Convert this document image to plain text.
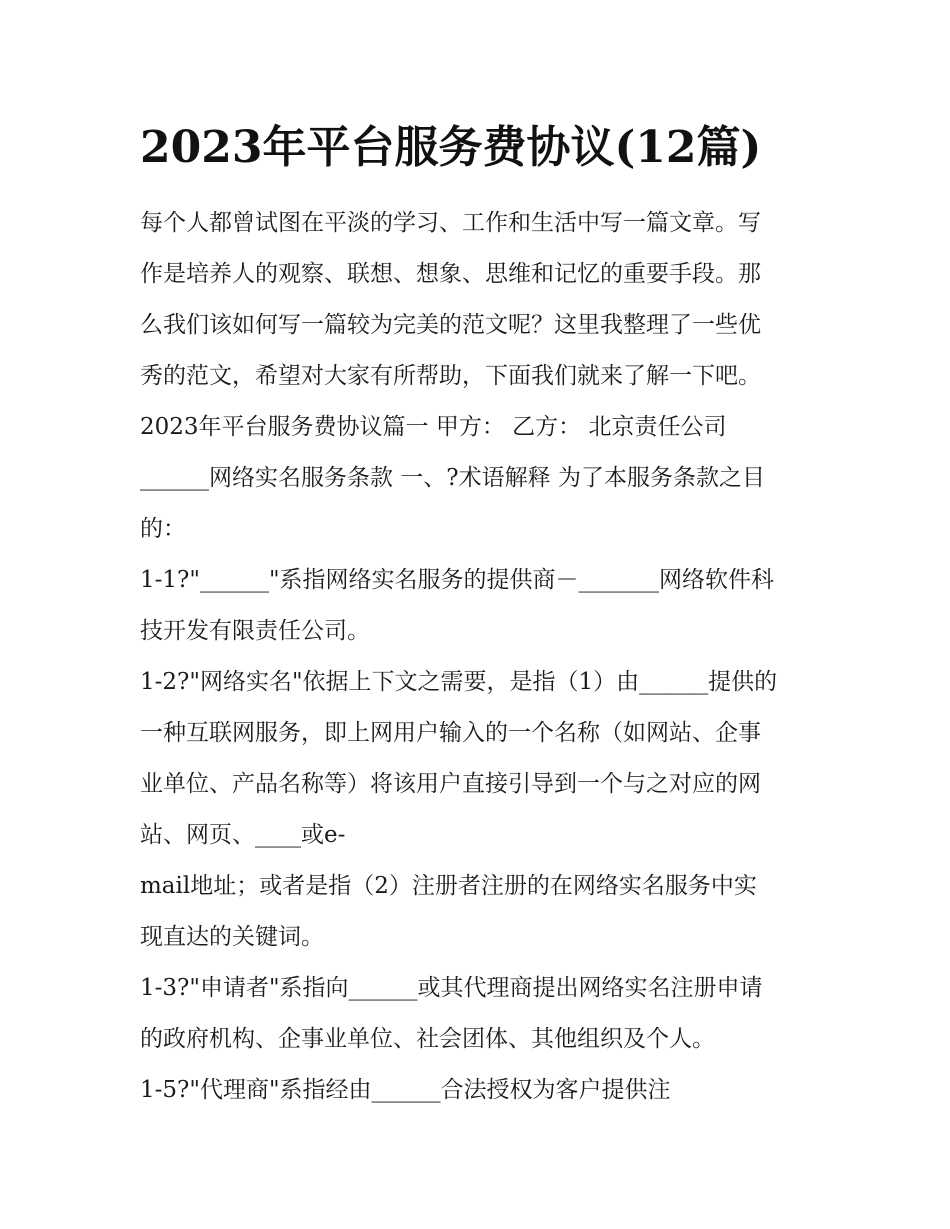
2023年平台服务费协议(12篇)
每个人都曾试图在平淡的学习、工作和生活中写一篇文章。写
作是培养人的观察、联想、想象、思维和记忆的重要手段。那
么我们该如何写一篇较为完美的范文呢？这里我整理了一些优
秀的范文，希望对大家有所帮助，下面我们就来了解一下吧。
2023年平台服务费协议篇一 甲方： 乙方： 北京责任公司
______网络实名服务条款 一、?术语解释 为了本服务条款之目
的：
1-1?"______"系指网络实名服务的提供商－_______网络软件科
技开发有限责任公司。
1-2?"网络实名"依据上下文之需要，是指（1）由______提供的
一种互联网服务，即上网用户输入的一个名称（如网站、企事
业单位、产品名称等）将该用户直接引导到一个与之对应的网
站、网页、____或e-
mail地址；或者是指（2）注册者注册的在网络实名服务中实
现直达的关键词。
1-3?"申请者"系指向______或其代理商提出网络实名注册申请
的政府机构、企事业单位、社会团体、其他组织及个人。
1-5?"代理商"系指经由______合法授权为客户提供注
